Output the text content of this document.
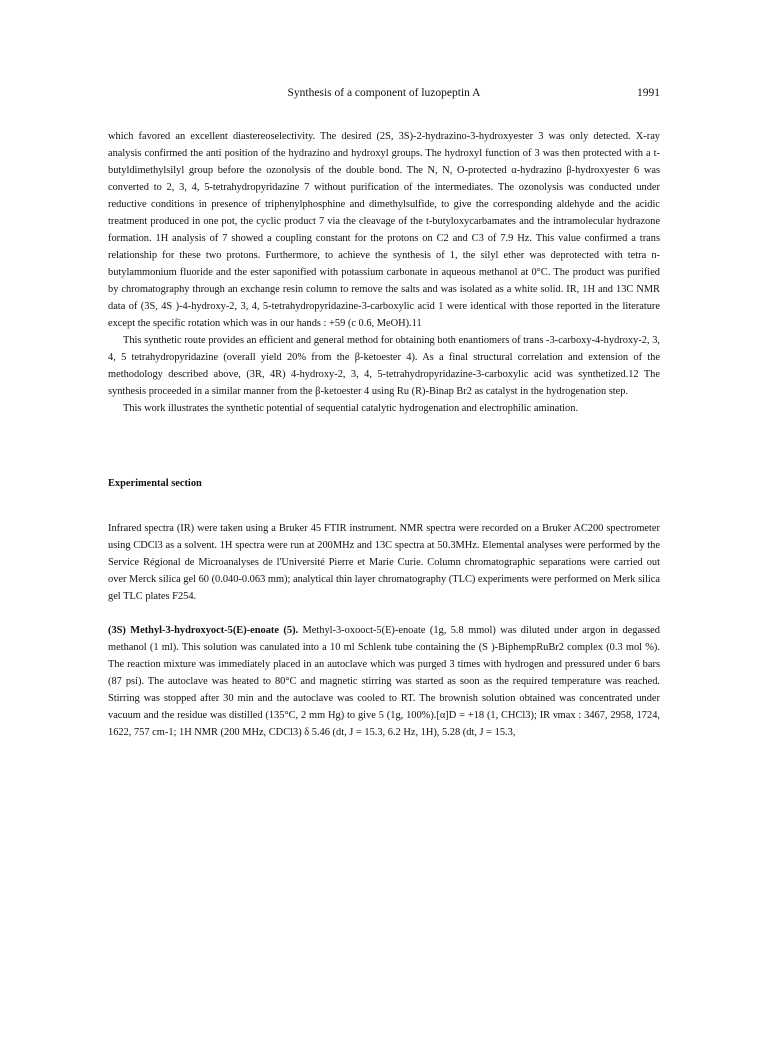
Synthesis of a component of luzopeptin A	1991

which favored an excellent diastereoselectivity. The desired (2S, 3S)-2-hydrazino-3-hydroxyester 3 was only detected. X-ray analysis confirmed the anti position of the hydrazino and hydroxyl groups. The hydroxyl function of 3 was then protected with a t-butyldimethylsilyl group before the ozonolysis of the double bond. The N, N, O-protected α-hydrazino β-hydroxyester 6 was converted to 2, 3, 4, 5-tetrahydropyridazine 7 without purification of the intermediates. The ozonolysis was conducted under reductive conditions in presence of triphenylphosphine and dimethylsulfide, to give the corresponding aldehyde and the acidic treatment produced in one pot, the cyclic product 7 via the cleavage of the t-butyloxycarbamates and the intramolecular hydrazone formation. 1H analysis of 7 showed a coupling constant for the protons on C2 and C3 of 7.9 Hz. This value confirmed a trans relationship for these two protons. Furthermore, to achieve the synthesis of 1, the silyl ether was deprotected with tetra n-butylammonium fluoride and the ester saponified with potassium carbonate in aqueous methanol at 0°C. The product was purified by chromatography through an exchange resin column to remove the salts and was isolated as a white solid. IR, 1H and 13C NMR data of (3S, 4S )-4-hydroxy-2, 3, 4, 5-tetrahydropyridazine-3-carboxylic acid 1 were identical with those reported in the literature except the specific rotation which was in our hands : +59 (c 0.6, MeOH).11

This synthetic route provides an efficient and general method for obtaining both enantiomers of trans -3-carboxy-4-hydroxy-2, 3, 4, 5 tetrahydropyridazine (overall yield 20% from the β-ketoester 4). As a final structural correlation and extension of the methodology described above, (3R, 4R) 4-hydroxy-2, 3, 4, 5-tetrahydropyridazine-3-carboxylic acid was synthetized.12 The synthesis proceeded in a similar manner from the β-ketoester 4 using Ru (R)-Binap Br2 as catalyst in the hydrogenation step.

This work illustrates the synthetic potential of sequential catalytic hydrogenation and electrophilic amination.

Experimental section

Infrared spectra (IR) were taken using a Bruker 45 FTIR instrument. NMR spectra were recorded on a Bruker AC200 spectrometer using CDCl3 as a solvent. 1H spectra were run at 200MHz and 13C spectra at 50.3MHz. Elemental analyses were performed by the Service Régional de Microanalyses de l'Université Pierre et Marie Curie. Column chromatographic separations were carried out over Merck silica gel 60 (0.040-0.063 mm); analytical thin layer chromatography (TLC) experiments were performed on Merk silica gel TLC plates F254.

(3S) Methyl-3-hydroxyoct-5(E)-enoate (5). Methyl-3-oxooct-5(E)-enoate (1g, 5.8 mmol) was diluted under argon in degassed methanol (1 ml). This solution was canulated into a 10 ml Schlenk tube containing the (S )-BiphempRuBr2 complex (0.3 mol %). The reaction mixture was immediately placed in an autoclave which was purged 3 times with hydrogen and pressured under 6 bars (87 psi). The autoclave was heated to 80°C and magnetic stirring was started as soon as the required temperature was reached. Stirring was stopped after 30 min and the autoclave was cooled to RT. The brownish solution obtained was concentrated under vacuum and the residue was distilled (135°C, 2 mm Hg) to give 5 (1g, 100%).[α]D = +18 (1, CHCl3); IR νmax : 3467, 2958, 1724, 1622, 757 cm-1; 1H NMR (200 MHz, CDCl3) δ 5.46 (dt, J = 15.3, 6.2 Hz, 1H), 5.28 (dt, J = 15.3,
